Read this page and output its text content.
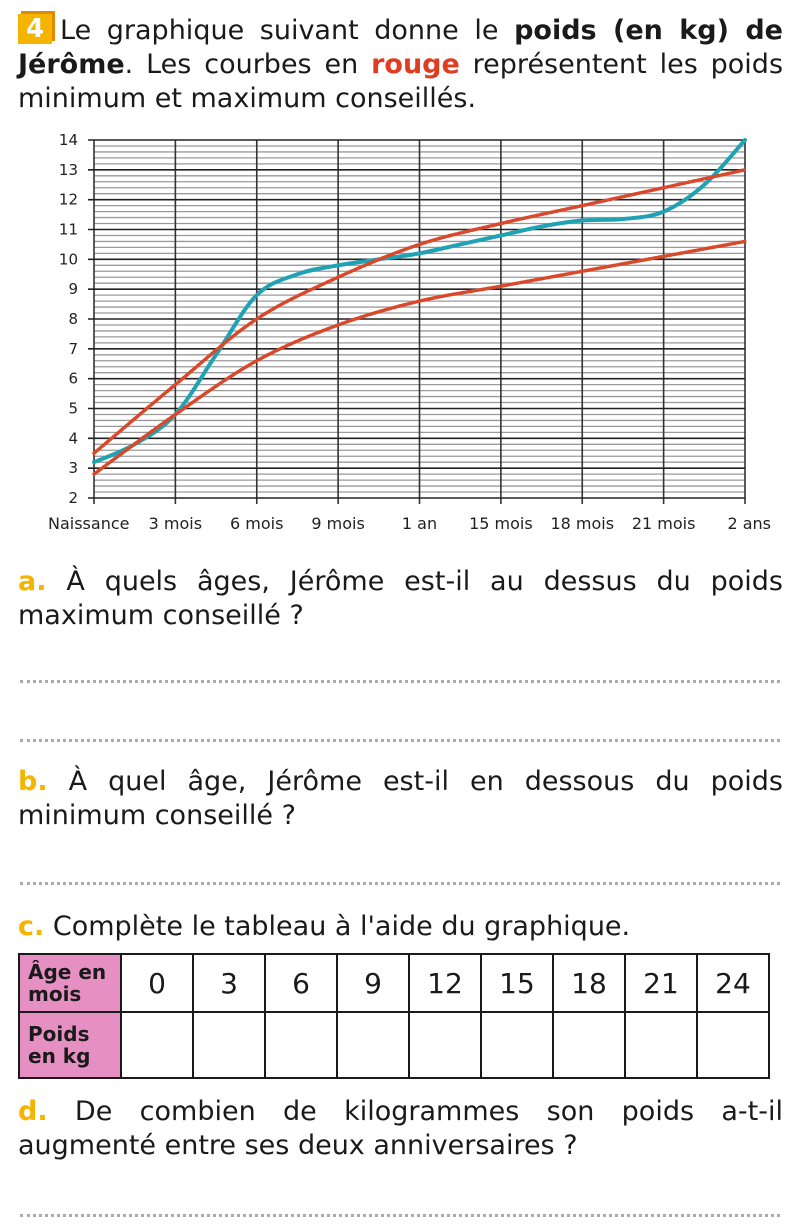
4 Le graphique suivant donne le poids (en kg) de Jérôme. Les courbes en rouge représentent les poids minimum et maximum conseillés.
2
3
4
5
6
7
8
9
10
11
12
13
14
Naissance 3 mois 6 mois 9 mois 1 an 15 mois 18 mois 21 mois 2 ans
a. À quels âges, Jérôme est-il au dessus du poids maximum conseillé ?
b. À quel âge, Jérôme est-il en dessous du poids minimum conseillé ?
c. Complète le tableau à l'aide du graphique.
Âge en mois	0	3	6	9	12	15	18	21	24
Poids en kg									
d. De combien de kilogrammes son poids a-t-il augmenté entre ses deux anniversaires ?
